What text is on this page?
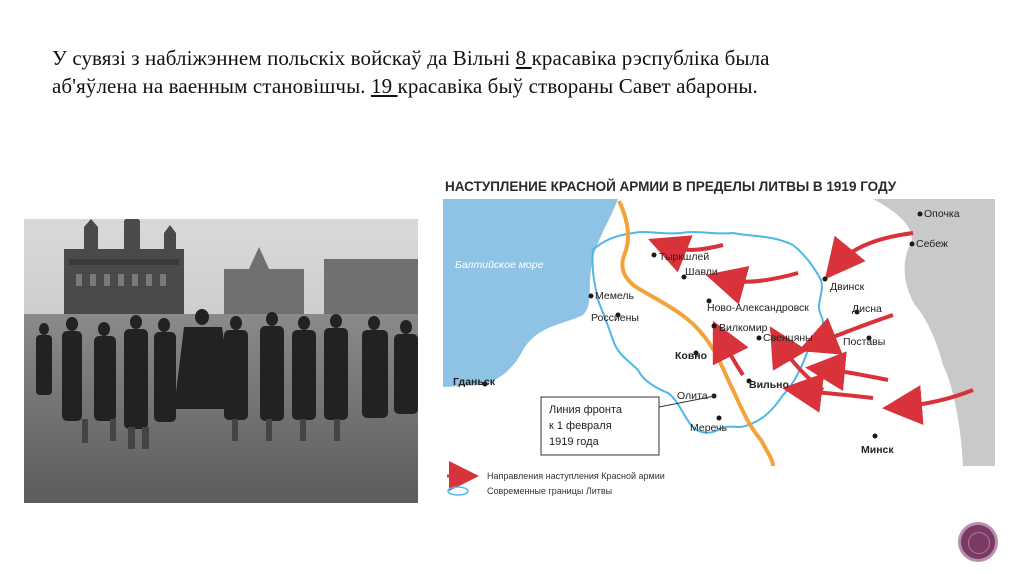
У сувязі з набліжэннем польскіх войскаў да Вільні 8 красавіка рэспубліка была
аб'яўлена на ваенным становішчы. 19 красавіка быў створаны Савет абароны.
НАСТУПЛЕНИЕ КРАСНОЙ АРМИИ В ПРЕДЕЛЫ ЛИТВЫ В 1919 ГОДУ
Балтийское море
Опочка
Себеж
Тыркшлей
Шавли
Двинск
Мемель
Ново-Александровск	Дисна
Россиены
Вилкомир
Свенцяны	Поставы
Ковно
Гданьск	Вильно
Олита
Меречь
Минск
Линия фронта
к 1 февраля
1919 года
Направления наступления Красной армии
Современные границы Литвы
